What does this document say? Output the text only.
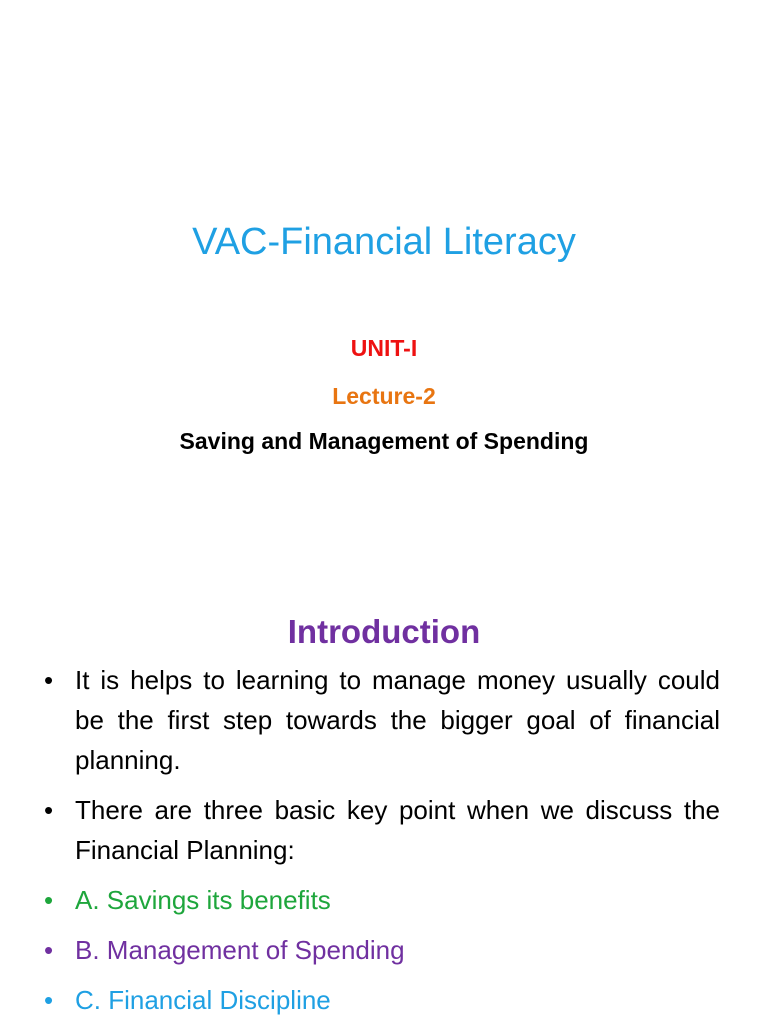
VAC-Financial Literacy
UNIT-I
Lecture-2
Saving and Management of Spending
Introduction
• It is helps to learning to manage money usually could be the first step towards the bigger goal of financial planning.
• There are three basic key point when we discuss the Financial Planning:
• A. Savings its benefits
• B. Management of Spending
• C. Financial Discipline
